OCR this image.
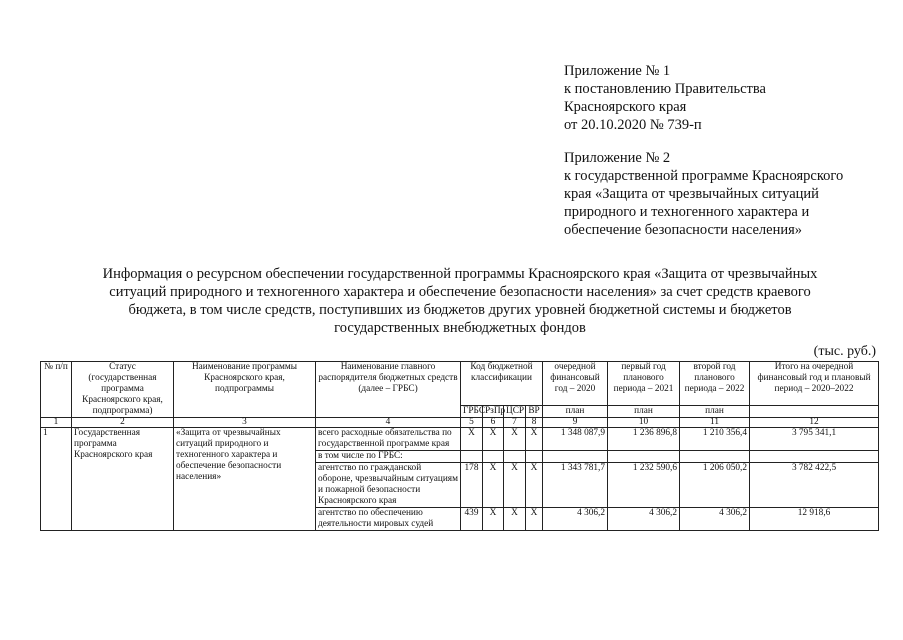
Приложение № 1
к постановлению Правительства
Красноярского края
от 20.10.2020 № 739-п
Приложение № 2
к государственной программе Красноярского
края «Защита от чрезвычайных ситуаций
природного и техногенного характера и
обеспечение безопасности населения»
Информация о ресурсном обеспечении государственной программы Красноярского края «Защита от чрезвычайных
ситуаций природного и техногенного характера и обеспечение безопасности населения» за счет средств краевого
бюджета, в том числе средств, поступивших из бюджетов других уровней бюджетной системы и бюджетов
государственных внебюджетных фондов
(тыс. руб.)
№ п/п	Статус (государственная программа Красноярского края, подпрограмма)	Наименование программы Красноярского края, подпрограммы	Наименование главного распорядителя бюджетных средств (далее – ГРБС)	Код бюджетной классификации				очередной финансовый год – 2020	первый год планового периода – 2021	второй год планового периода – 2022	Итого на очередной финансовый год и плановый период – 2020–2022
				ГРБС	РзПр	ЦСР	ВР	план	план	план	
1	2	3	4	5	6	7	8	9	10	11	12
1	Государственная программа Красноярского края	«Защита от чрезвычайных ситуаций природного и техногенного характера и обеспечение безопасности населения»	всего расходные обязательства по государственной программе края	Х	Х	Х	Х	1 348 087,9	1 236 896,8	1 210 356,4	3 795 341,1
			в том числе по ГРБС:								
			агентство по гражданской обороне, чрезвычайным ситуациям и пожарной безопасности Красноярского края	178	Х	Х	Х	1 343 781,7	1 232 590,6	1 206 050,2	3 782 422,5
			агентство по обеспечению деятельности мировых судей	439	Х	Х	Х	4 306,2	4 306,2	4 306,2	12 918,6
